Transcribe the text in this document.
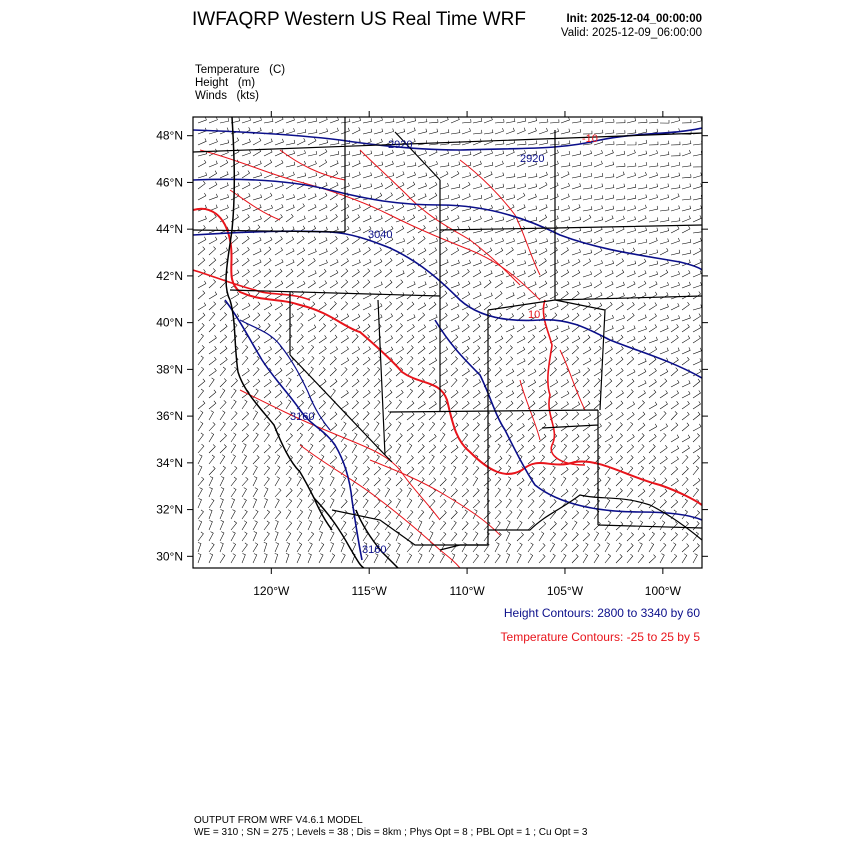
IWFAQRP Western US Real Time WRF	Init: 2025-12-04_00:00:00
Valid: 2025-12-09_06:00:00
Temperature (C)
Height (m)
Winds (kts)
2920
2920
3040
3160
3160
-10
10
48°N
46°N
44°N
42°N
40°N
38°N
36°N
34°N
32°N
30°N
120°W	115°W	110°W	105°W	100°W
Height Contours: 2800 to 3340 by 60
Temperature Contours: -25 to 25 by 5
OUTPUT FROM WRF V4.6.1 MODEL
WE = 310 ; SN = 275 ; Levels = 38 ; Dis = 8km ; Phys Opt = 8 ; PBL Opt = 1 ; Cu Opt = 3
